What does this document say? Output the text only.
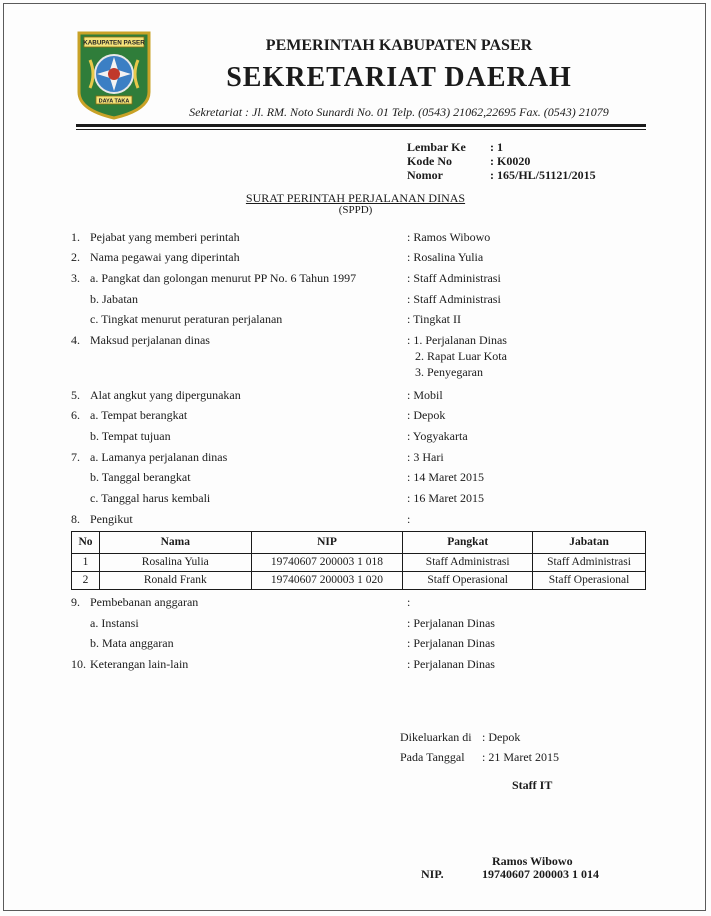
KABUPATEN PASER
DAYA TAKA
PEMERINTAH KABUPATEN PASER
SEKRETARIAT DAERAH
Sekretariat : Jl. RM. Noto Sunardi No. 01 Telp. (0543) 21062,22695 Fax. (0543) 21079
Lembar Ke : 1
Kode No	: K0020
Nomor	: 165/HL/51121/2015
SURAT PERINTAH PERJALANAN DINAS
(SPPD)
1. Pejabat yang memberi perintah	: Ramos Wibowo
2. Nama pegawai yang diperintah	: Rosalina Yulia
3. a. Pangkat dan golongan menurut PP No. 6 Tahun 1997	: Staff Administrasi
b. Jabatan	: Staff Administrasi
c. Tingkat menurut peraturan perjalanan	: Tingkat II
4. Maksud perjalanan dinas	: 1. Perjalanan Dinas
2. Rapat Luar Kota
3. Penyegaran
5. Alat angkut yang dipergunakan	: Mobil
6. a. Tempat berangkat	: Depok
b. Tempat tujuan	: Yogyakarta
7. a. Lamanya perjalanan dinas	: 3 Hari
b. Tanggal berangkat	: 14 Maret 2015
c. Tanggal harus kembali	: 16 Maret 2015
8. Pengikut	:
No	Nama	NIP	Pangkat	Jabatan
1	Rosalina Yulia	19740607 200003 1 018	Staff Administrasi	Staff Administrasi
2	Ronald Frank	19740607 200003 1 020	Staff Operasional	Staff Operasional
9. Pembebanan anggaran	:
a. Instansi	: Perjalanan Dinas
b. Mata anggaran	: Perjalanan Dinas
10. Keterangan lain-lain	: Perjalanan Dinas
Dikeluarkan di : Depok
Pada Tanggal : 21 Maret 2015
Staff IT
Ramos Wibowo
NIP.	19740607 200003 1 014
